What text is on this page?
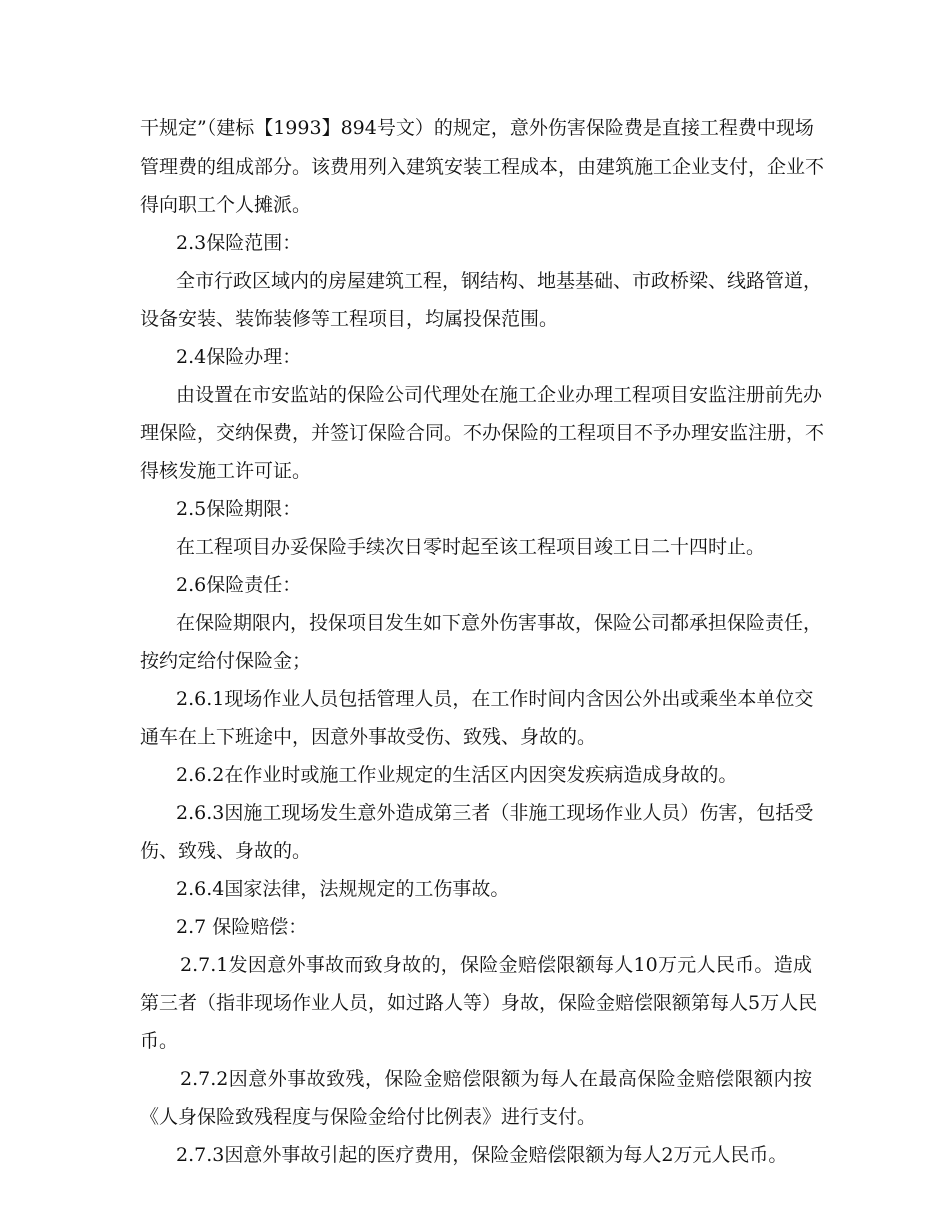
干规定”（建标【1993】894号文）的规定，意外伤害保险费是直接工程费中现场
管理费的组成部分。该费用列入建筑安装工程成本，由建筑施工企业支付，企业不
得向职工个人摊派。
2.3保险范围：
全市行政区域内的房屋建筑工程，钢结构、地基基础、市政桥梁、线路管道，
设备安装、装饰装修等工程项目，均属投保范围。
2.4保险办理：
由设置在市安监站的保险公司代理处在施工企业办理工程项目安监注册前先办
理保险，交纳保费，并签订保险合同。不办保险的工程项目不予办理安监注册，不
得核发施工许可证。
2.5保险期限：
在工程项目办妥保险手续次日零时起至该工程项目竣工日二十四时止。
2.6保险责任：
在保险期限内，投保项目发生如下意外伤害事故，保险公司都承担保险责任，
按约定给付保险金；
2.6.1现场作业人员包括管理人员，在工作时间内含因公外出或乘坐本单位交
通车在上下班途中，因意外事故受伤、致残、身故的。
2.6.2在作业时或施工作业规定的生活区内因突发疾病造成身故的。
2.6.3因施工现场发生意外造成第三者（非施工现场作业人员）伤害，包括受
伤、致残、身故的。
2.6.4国家法律，法规规定的工伤事故。
2.7 保险赔偿：
2.7.1发因意外事故而致身故的，保险金赔偿限额每人10万元人民币。造成
第三者（指非现场作业人员，如过路人等）身故，保险金赔偿限额第每人5万人民
币。
2.7.2因意外事故致残，保险金赔偿限额为每人在最高保险金赔偿限额内按
《人身保险致残程度与保险金给付比例表》进行支付。
2.7.3因意外事故引起的医疗费用，保险金赔偿限额为每人2万元人民币。
